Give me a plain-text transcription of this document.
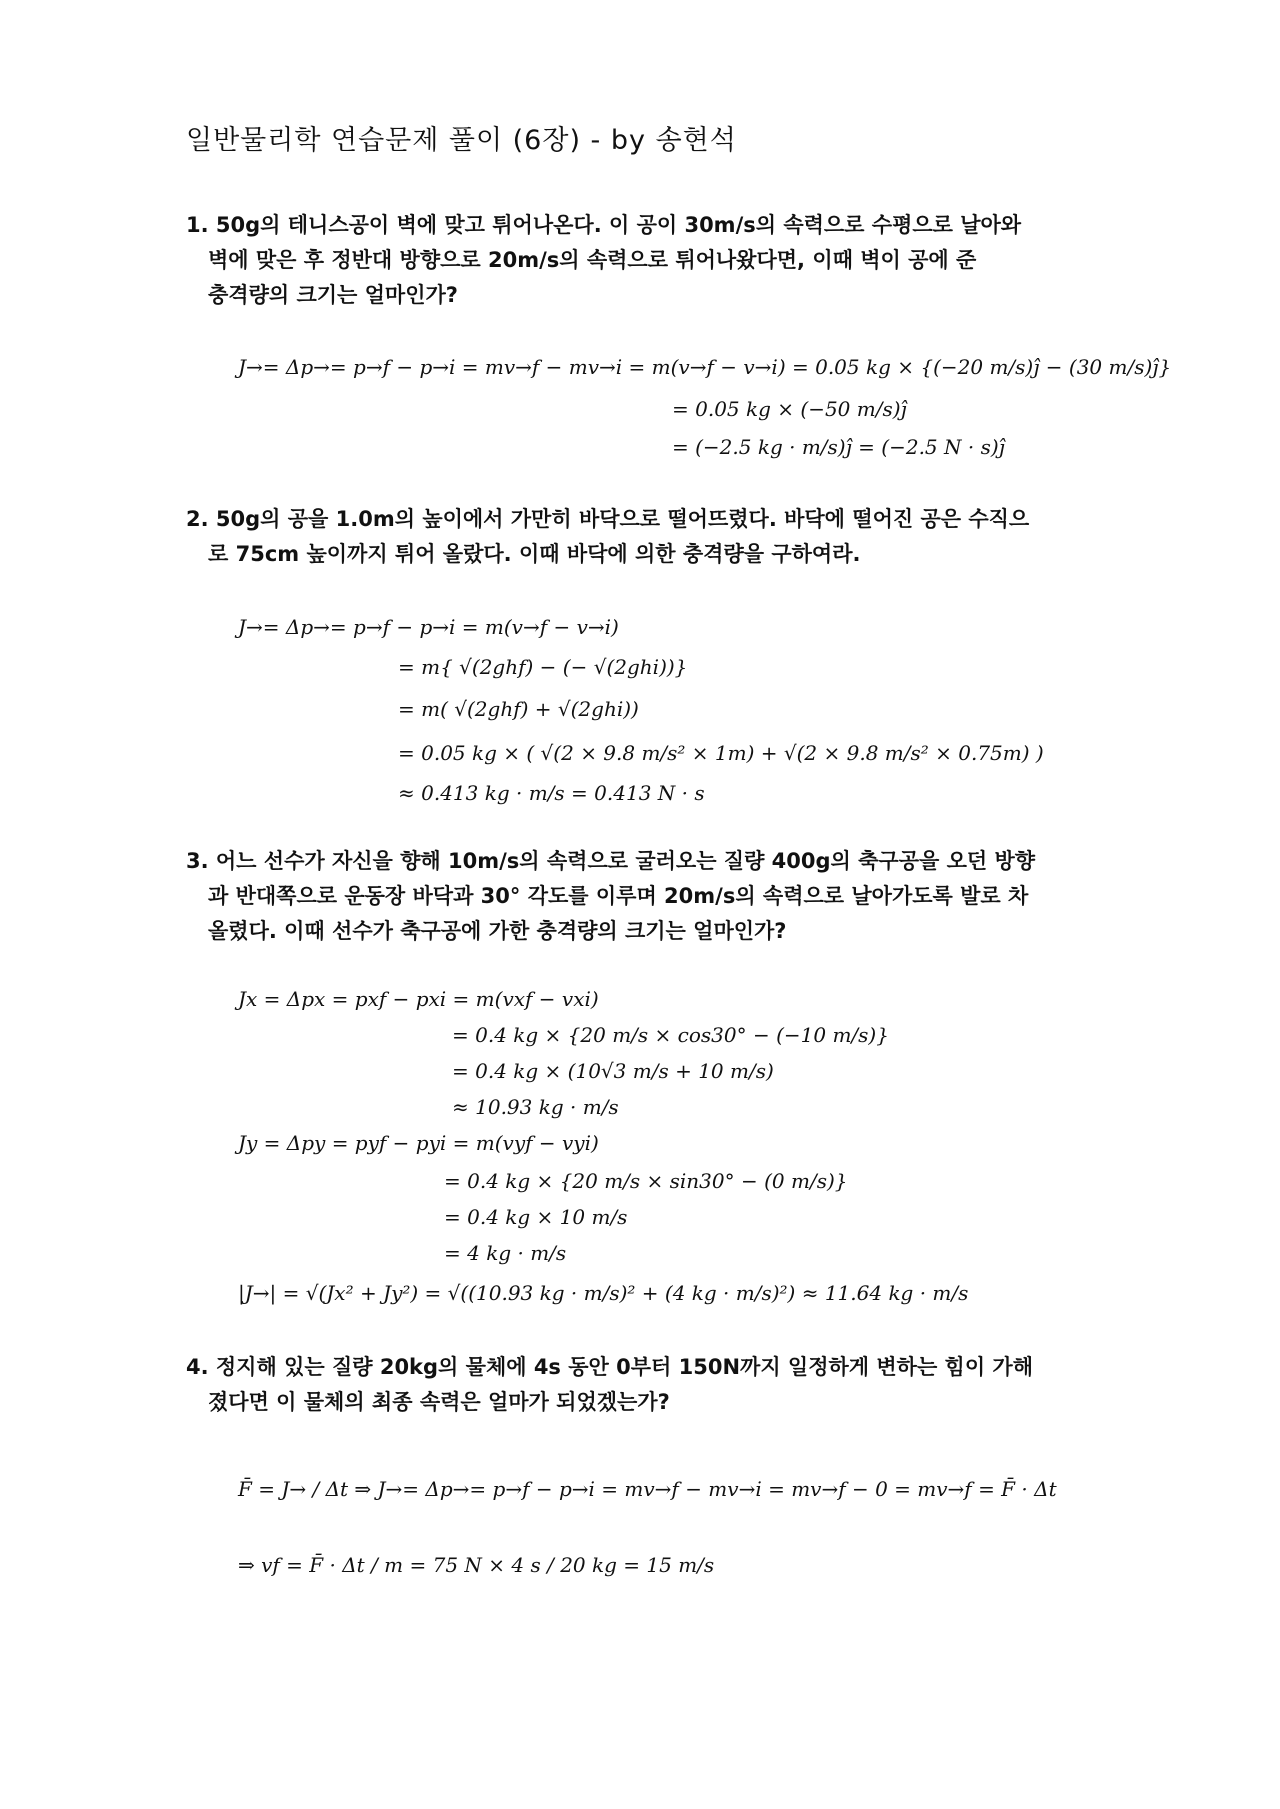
일반물리학 연습문제 풀이 (6장) - by 송현석
1. 50g의 테니스공이 벽에 맞고 튀어나온다. 이 공이 30m/s의 속력으로 수평으로 날아와
벽에 맞은 후 정반대 방향으로 20m/s의 속력으로 튀어나왔다면, 이때 벽이 공에 준
충격량의 크기는 얼마인가?
J→= Δp→= p→f − p→i = mv→f − mv→i = m(v→f − v→i) = 0.05 kg × {(−20 m/s)ĵ − (30 m/s)ĵ}
= 0.05 kg × (−50 m/s)ĵ
= (−2.5 kg · m/s)ĵ = (−2.5 N · s)ĵ
2. 50g의 공을 1.0m의 높이에서 가만히 바닥으로 떨어뜨렸다. 바닥에 떨어진 공은 수직으
로 75cm 높이까지 튀어 올랐다. 이때 바닥에 의한 충격량을 구하여라.
J→= Δp→= p→f − p→i = m(v→f − v→i)
= m{ √(2ghf) − (− √(2ghi))}
= m( √(2ghf) + √(2ghi))
= 0.05 kg × ( √(2 × 9.8 m/s² × 1m) + √(2 × 9.8 m/s² × 0.75m) )
≈ 0.413 kg · m/s = 0.413 N · s
3. 어느 선수가 자신을 향해 10m/s의 속력으로 굴러오는 질량 400g의 축구공을 오던 방향
과 반대쪽으로 운동장 바닥과 30° 각도를 이루며 20m/s의 속력으로 날아가도록 발로 차
올렸다. 이때 선수가 축구공에 가한 충격량의 크기는 얼마인가?
Jx = Δpx = pxf − pxi = m(vxf − vxi)
= 0.4 kg × {20 m/s × cos30° − (−10 m/s)}
= 0.4 kg × (10√3 m/s + 10 m/s)
≈ 10.93 kg · m/s
Jy = Δpy = pyf − pyi = m(vyf − vyi)
= 0.4 kg × {20 m/s × sin30° − (0 m/s)}
= 0.4 kg × 10 m/s
= 4 kg · m/s
|J→| = √(Jx² + Jy²) = √((10.93 kg · m/s)² + (4 kg · m/s)²) ≈ 11.64 kg · m/s
4. 정지해 있는 질량 20kg의 물체에 4s 동안 0부터 150N까지 일정하게 변하는 힘이 가해
졌다면 이 물체의 최종 속력은 얼마가 되었겠는가?
F̄ = J→ / Δt ⇒ J→= Δp→= p→f − p→i = mv→f − mv→i = mv→f − 0 = mv→f = F̄ · Δt
⇒ vf = F̄ · Δt / m = 75 N × 4 s / 20 kg = 15 m/s
